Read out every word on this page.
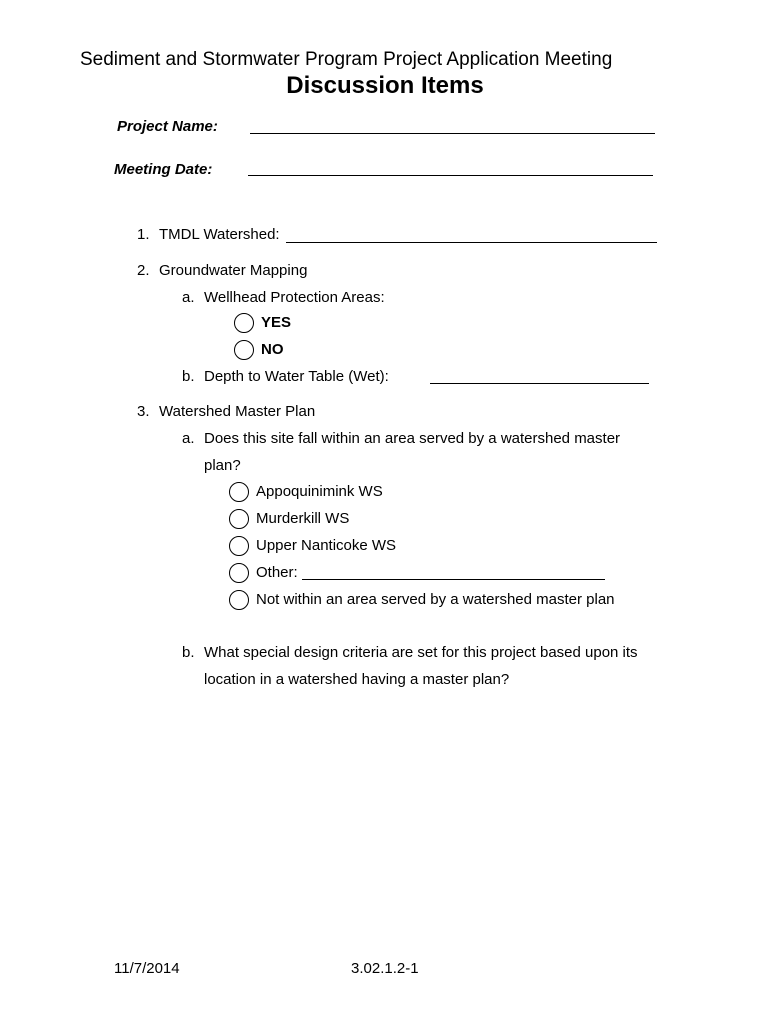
Sediment and Stormwater Program Project Application Meeting
Discussion Items
Project Name:
Meeting Date:
1. TMDL Watershed:
2. Groundwater Mapping
a. Wellhead Protection Areas:
YES
NO
b. Depth to Water Table (Wet):
3. Watershed Master Plan
a. Does this site fall within an area served by a watershed master
plan?
Appoquinimink WS
Murderkill WS
Upper Nanticoke WS
Other:
Not within an area served by a watershed master plan
b. What special design criteria are set for this project based upon its
location in a watershed having a master plan?
11/7/2014	3.02.1.2-1
